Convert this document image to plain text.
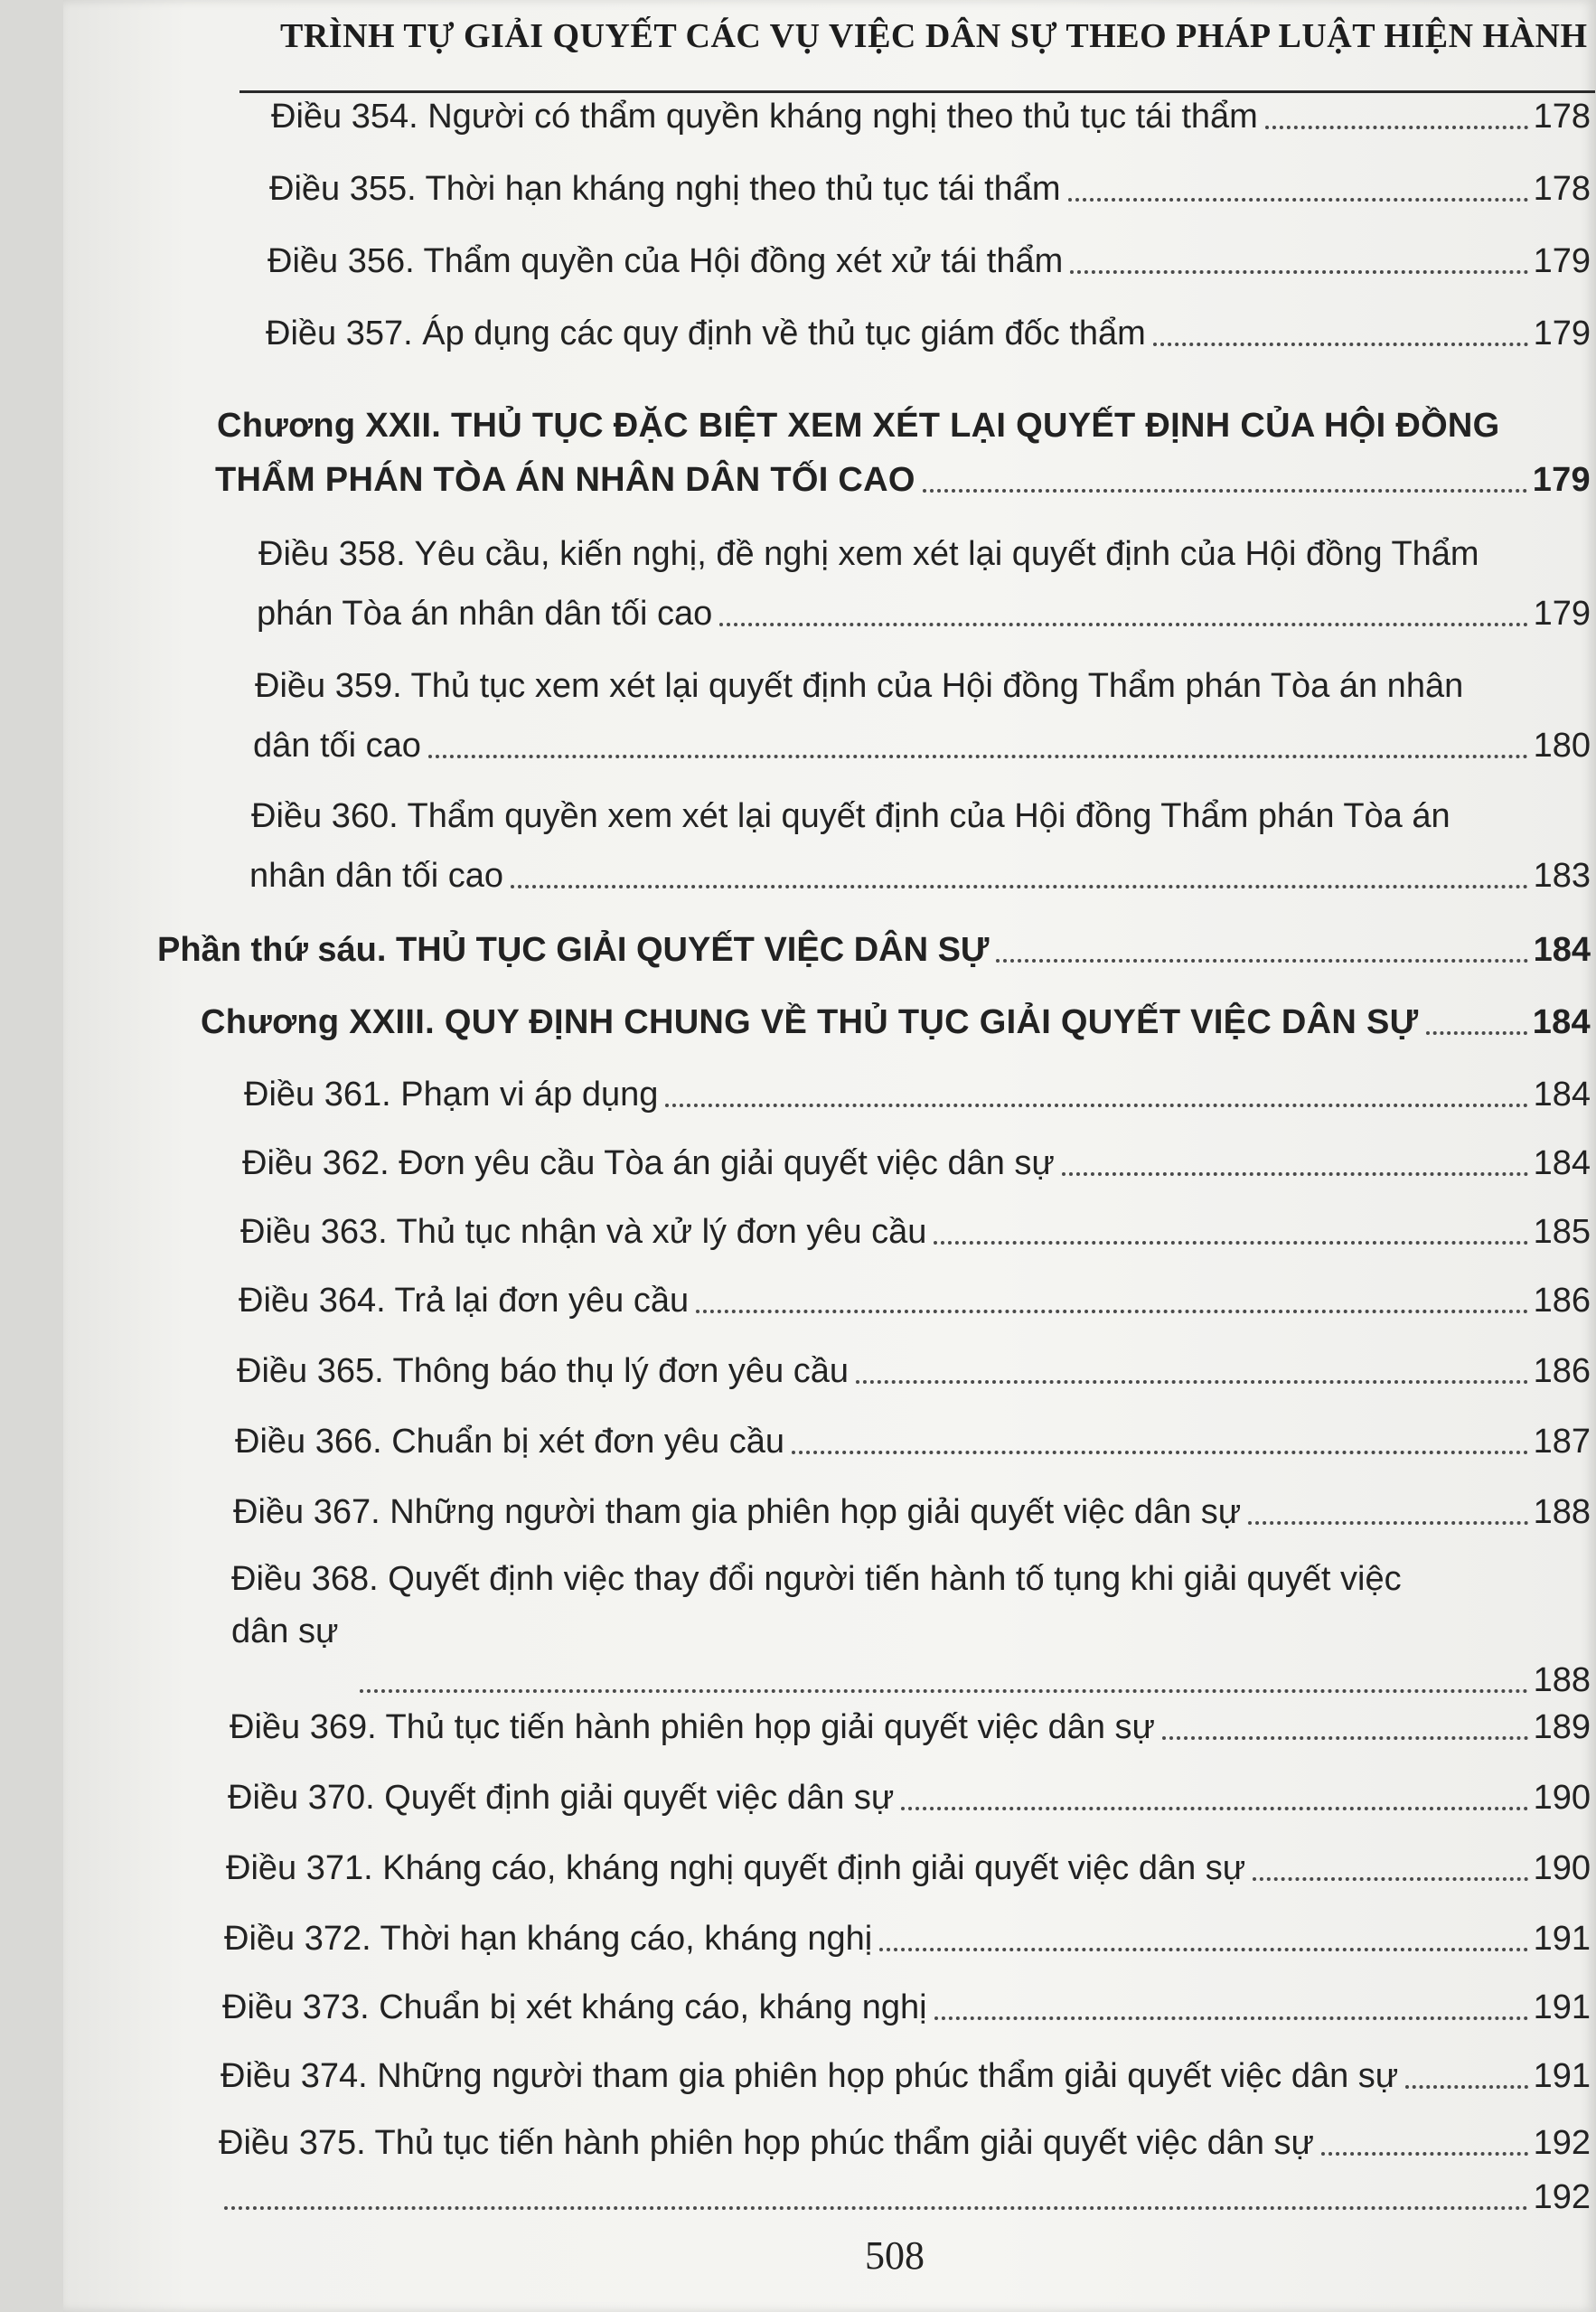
TRÌNH TỰ GIẢI QUYẾT CÁC VỤ VIỆC DÂN SỰ THEO PHÁP LUẬT HIỆN HÀNH
Điều 354. Người có thẩm quyền kháng nghị theo thủ tục tái thẩm	178
Điều 355. Thời hạn kháng nghị theo thủ tục tái thẩm	178
Điều 356. Thẩm quyền của Hội đồng xét xử tái thẩm	179
Điều 357. Áp dụng các quy định về thủ tục giám đốc thẩm	179
Chương XXII. THỦ TỤC ĐẶC BIỆT XEM XÉT LẠI QUYẾT ĐỊNH CỦA HỘI ĐỒNG
THẨM PHÁN TÒA ÁN NHÂN DÂN TỐI CAO	179
Điều 358. Yêu cầu, kiến nghị, đề nghị xem xét lại quyết định của Hội đồng Thẩm
phán Tòa án nhân dân tối cao	179
Điều 359. Thủ tục xem xét lại quyết định của Hội đồng Thẩm phán Tòa án nhân
dân tối cao	180
Điều 360. Thẩm quyền xem xét lại quyết định của Hội đồng Thẩm phán Tòa án
nhân dân tối cao	183
Phần thứ sáu. THỦ TỤC GIẢI QUYẾT VIỆC DÂN SỰ	184
Chương XXIII. QUY ĐỊNH CHUNG VỀ THỦ TỤC GIẢI QUYẾT VIỆC DÂN SỰ	184
Điều 361. Phạm vi áp dụng	184
Điều 362. Đơn yêu cầu Tòa án giải quyết việc dân sự	184
Điều 363. Thủ tục nhận và xử lý đơn yêu cầu	185
Điều 364. Trả lại đơn yêu cầu	186
Điều 365. Thông báo thụ lý đơn yêu cầu	186
Điều 366. Chuẩn bị xét đơn yêu cầu	187
Điều 367. Những người tham gia phiên họp giải quyết việc dân sự	188
Điều 368. Quyết định việc thay đổi người tiến hành tố tụng khi giải quyết việc
dân sự
188
Điều 369. Thủ tục tiến hành phiên họp giải quyết việc dân sự	189
Điều 370. Quyết định giải quyết việc dân sự	190
Điều 371. Kháng cáo, kháng nghị quyết định giải quyết việc dân sự	190
Điều 372. Thời hạn kháng cáo, kháng nghị	191
Điều 373. Chuẩn bị xét kháng cáo, kháng nghị	191
Điều 374. Những người tham gia phiên họp phúc thẩm giải quyết việc dân sự	191
Điều 375. Thủ tục tiến hành phiên họp phúc thẩm giải quyết việc dân sự	192
192
508
